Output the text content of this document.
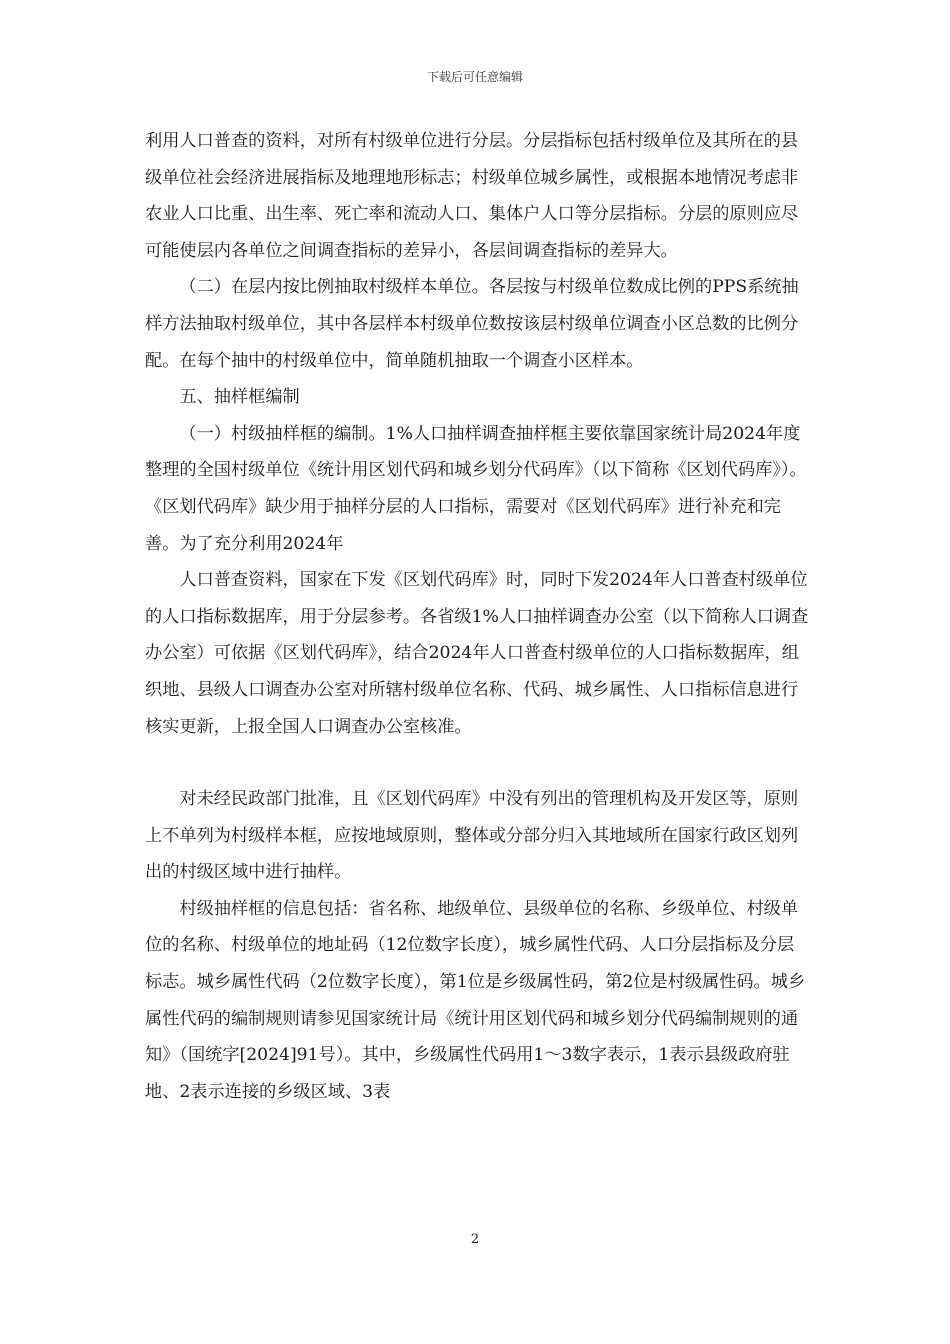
下载后可任意编辑

利用人口普查的资料，对所有村级单位进行分层。分层指标包括村级单位及其所在的县级单位社会经济进展指标及地理地形标志；村级单位城乡属性，或根据本地情况考虑非农业人口比重、出生率、死亡率和流动人口、集体户人口等分层指标。分层的原则应尽可能使层内各单位之间调查指标的差异小，各层间调查指标的差异大。

（二）在层内按比例抽取村级样本单位。各层按与村级单位数成比例的PPS系统抽样方法抽取村级单位，其中各层样本村级单位数按该层村级单位调查小区总数的比例分配。在每个抽中的村级单位中，简单随机抽取一个调查小区样本。

五、抽样框编制

（一）村级抽样框的编制。1%人口抽样调查抽样框主要依靠国家统计局2024年度整理的全国村级单位《统计用区划代码和城乡划分代码库》（以下简称《区划代码库》）。《区划代码库》缺少用于抽样分层的人口指标，需要对《区划代码库》进行补充和完善。为了充分利用2024年

人口普查资料，国家在下发《区划代码库》时，同时下发2024年人口普查村级单位的人口指标数据库，用于分层参考。各省级1%人口抽样调查办公室（以下简称人口调查办公室）可依据《区划代码库》，结合2024年人口普查村级单位的人口指标数据库，组织地、县级人口调查办公室对所辖村级单位名称、代码、城乡属性、人口指标信息进行核实更新，上报全国人口调查办公室核准。

对未经民政部门批准，且《区划代码库》中没有列出的管理机构及开发区等，原则上不单列为村级样本框，应按地域原则，整体或分部分归入其地域所在国家行政区划列出的村级区域中进行抽样。

村级抽样框的信息包括：省名称、地级单位、县级单位的名称、乡级单位、村级单位的名称、村级单位的地址码（12位数字长度），城乡属性代码、人口分层指标及分层标志。城乡属性代码（2位数字长度），第1位是乡级属性码，第2位是村级属性码。城乡属性代码的编制规则请参见国家统计局《统计用区划代码和城乡划分代码编制规则的通知》（国统字[2024]91号）。其中，乡级属性代码用1～3数字表示，1表示县级政府驻地、2表示连接的乡级区域、3表

2
